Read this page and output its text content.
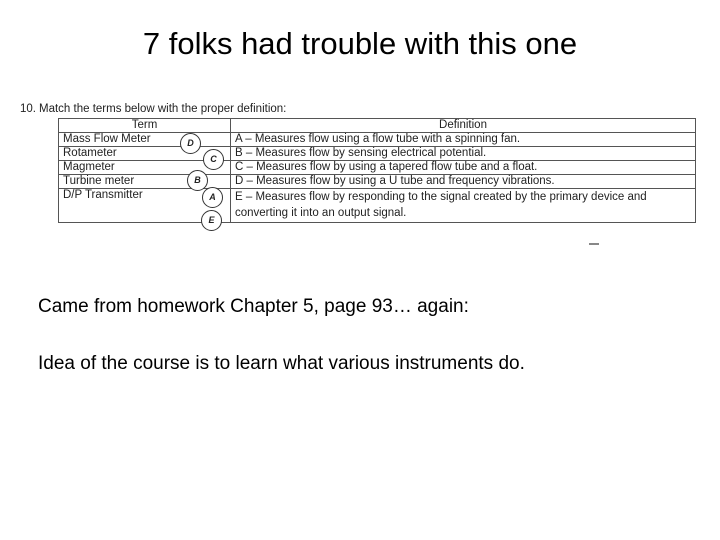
7 folks had trouble with this one
10. Match the terms below with the proper definition:
Term	Definition
Mass Flow Meter	A – Measures flow using a flow tube with a spinning fan.
Rotameter	B – Measures flow by sensing electrical potential.
Magmeter	C – Measures flow by using a tapered flow tube and a float.
Turbine meter	D – Measures flow by using a U tube and frequency vibrations.
D/P Transmitter	E – Measures flow by responding to the signal created by the primary device and converting it into an output signal.
D
C
B
A
E
Came from homework Chapter 5, page 93… again:
Idea of the course is to learn what various instruments do.
